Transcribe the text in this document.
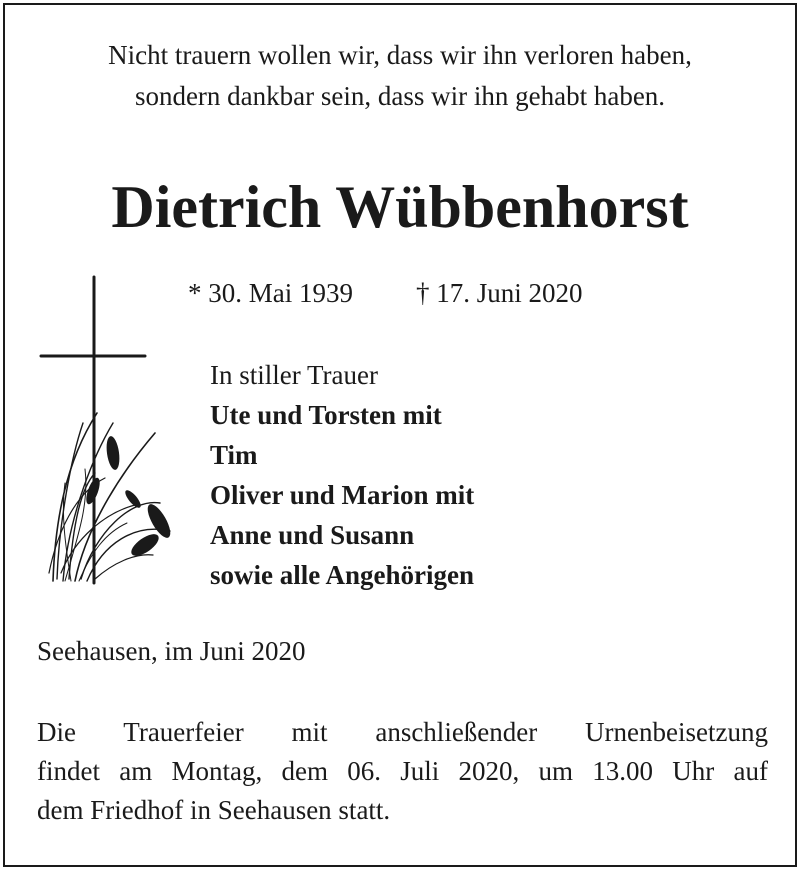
Nicht trauern wollen wir, dass wir ihn verloren haben,
sondern dankbar sein, dass wir ihn gehabt haben.
Dietrich Wübbenhorst
* 30. Mai 1939 † 17. Juni 2020
In stiller Trauer
Ute und Torsten mit
Tim
Oliver und Marion mit
Anne und Susann
sowie alle Angehörigen
Seehausen, im Juni 2020
Die Trauerfeier mit anschließender Urnenbeisetzung
findet am Montag, dem 06. Juli 2020, um 13.00 Uhr auf
dem Friedhof in Seehausen statt.
